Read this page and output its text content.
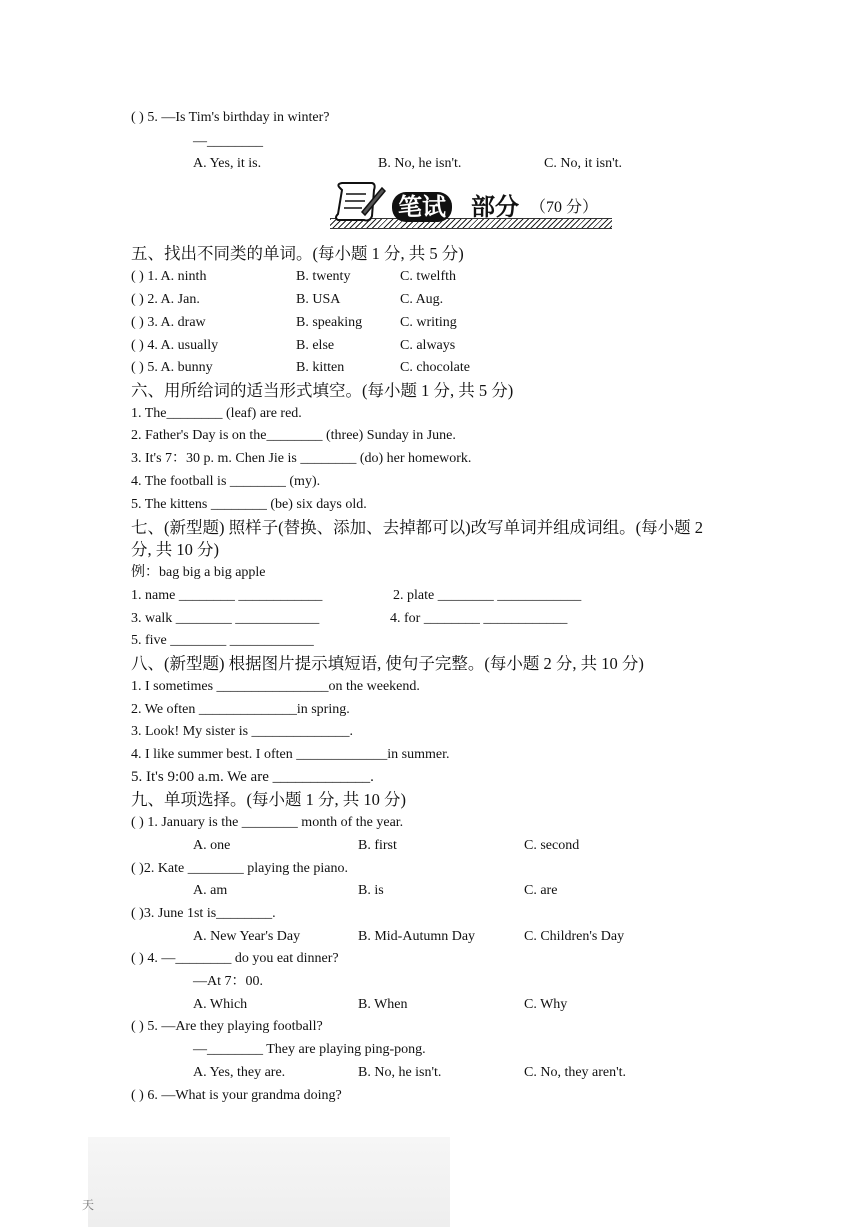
( ) 5. —Is Tim's birthday in winter?
—________
A. Yes, it is.	B. No, he isn't.	C. No, it isn't.
笔试 部分 （70 分）
五、找出不同类的单词。(每小题 1 分, 共 5 分)
( ) 1. A. ninth	B. twenty	C. twelfth
( ) 2. A. Jan.	B. USA	C. Aug.
( ) 3. A. draw	B. speaking	C. writing
( ) 4. A. usually	B. else	C. always
( ) 5. A. bunny	B. kitten	C. chocolate
六、用所给词的适当形式填空。(每小题 1 分, 共 5 分)
1. The________ (leaf) are red.
2. Father's Day is on the________ (three) Sunday in June.
3. It's 7：30 p. m. Chen Jie is ________ (do) her homework.
4. The football is ________ (my).
5. The kittens ________ (be) six days old.
七、(新型题) 照样子(替换、添加、去掉都可以)改写单词并组成词组。(每小题 2
分, 共 10 分)
例：bag big a big apple
1. name ________ ____________	2. plate ________ ____________
3. walk ________ ____________	4. for ________ ____________
5. five ________ ____________
八、(新型题) 根据图片提示填短语, 使句子完整。(每小题 2 分, 共 10 分)
1. I sometimes ________________on the weekend.
2. We often ______________in spring.
3. Look! My sister is ______________.
4. I like summer best. I often _____________in summer.
5. It's 9:00 a.m. We are _____________.
九、单项选择。(每小题 1 分, 共 10 分)
( ) 1. January is the ________ month of the year.
A. one	B. first	C. second
( )2. Kate ________ playing the piano.
A. am	B. is	C. are
( )3. June 1st is________.
A. New Year's Day	B. Mid-Autumn Day	C. Children's Day
( ) 4. —________ do you eat dinner?
—At 7：00.
A. Which	B. When	C. Why
( ) 5. —Are they playing football?
—________ They are playing ping-pong.
A. Yes, they are.	B. No, he isn't.	C. No, they aren't.
( ) 6. —What is your grandma doing?
天
